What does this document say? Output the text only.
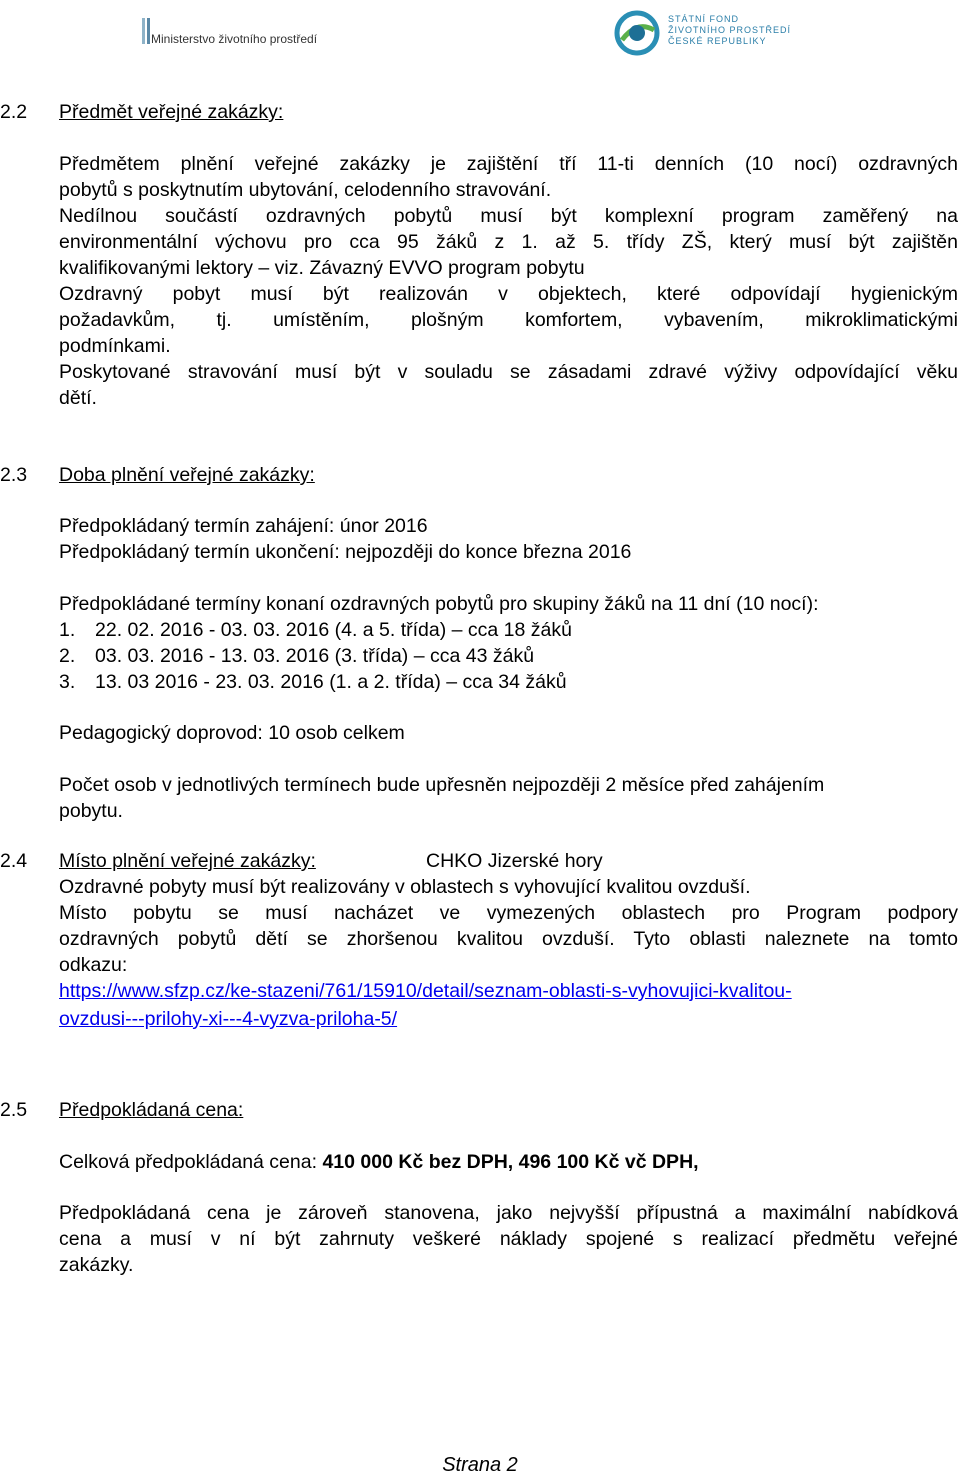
Ministerstvo životního prostředí
STÁTNÍ FOND
ŽIVOTNÍHO PROSTŘEDÍ
ČESKÉ REPUBLIKY
2.2 Předmět veřejné zakázky:
Předmětem plnění veřejné zakázky je zajištění tří 11-ti denních (10 nocí) ozdravných
pobytů s poskytnutím ubytování, celodenního stravování.
Nedílnou součástí ozdravných pobytů musí být komplexní program zaměřený na
environmentální výchovu pro cca 95 žáků z 1. až 5. třídy ZŠ, který musí být zajištěn
kvalifikovanými lektory – viz. Závazný EVVO program pobytu
Ozdravný pobyt musí být realizován v objektech, které odpovídají hygienickým
požadavkům, tj. umístěním, plošným komfortem, vybavením, mikroklimatickými
podmínkami.
Poskytované stravování musí být v souladu se zásadami zdravé výživy odpovídající věku
dětí.
2.3 Doba plnění veřejné zakázky:
Předpokládaný termín zahájení: únor 2016
Předpokládaný termín ukončení: nejpozději do konce března 2016
Předpokládané termíny konaní ozdravných pobytů pro skupiny žáků na 11 dní (10 nocí):
1. 22. 02. 2016 - 03. 03. 2016 (4. a 5. třída) – cca 18 žáků
2. 03. 03. 2016 - 13. 03. 2016 (3. třída) – cca 43 žáků
3. 13. 03 2016 - 23. 03. 2016 (1. a 2. třída) – cca 34 žáků
Pedagogický doprovod: 10 osob celkem
Počet osob v jednotlivých termínech bude upřesněn nejpozději 2 měsíce před zahájením
pobytu.
2.4 Místo plnění veřejné zakázky:	CHKO Jizerské hory
Ozdravné pobyty musí být realizovány v oblastech s vyhovující kvalitou ovzduší.
Místo pobytu se musí nacházet ve vymezených oblastech pro Program podpory
ozdravných pobytů dětí se zhoršenou kvalitou ovzduší. Tyto oblasti naleznete na tomto
odkazu:
https://www.sfzp.cz/ke-stazeni/761/15910/detail/seznam-oblasti-s-vyhovujici-kvalitou-
ovzdusi---prilohy-xi---4-vyzva-priloha-5/
2.5 Předpokládaná cena:
Celková předpokládaná cena: 410 000 Kč bez DPH, 496 100 Kč vč DPH,
Předpokládaná cena je zároveň stanovena, jako nejvyšší přípustná a maximální nabídková
cena a musí v ní být zahrnuty veškeré náklady spojené s realizací předmětu veřejné
zakázky.
Strana 2
